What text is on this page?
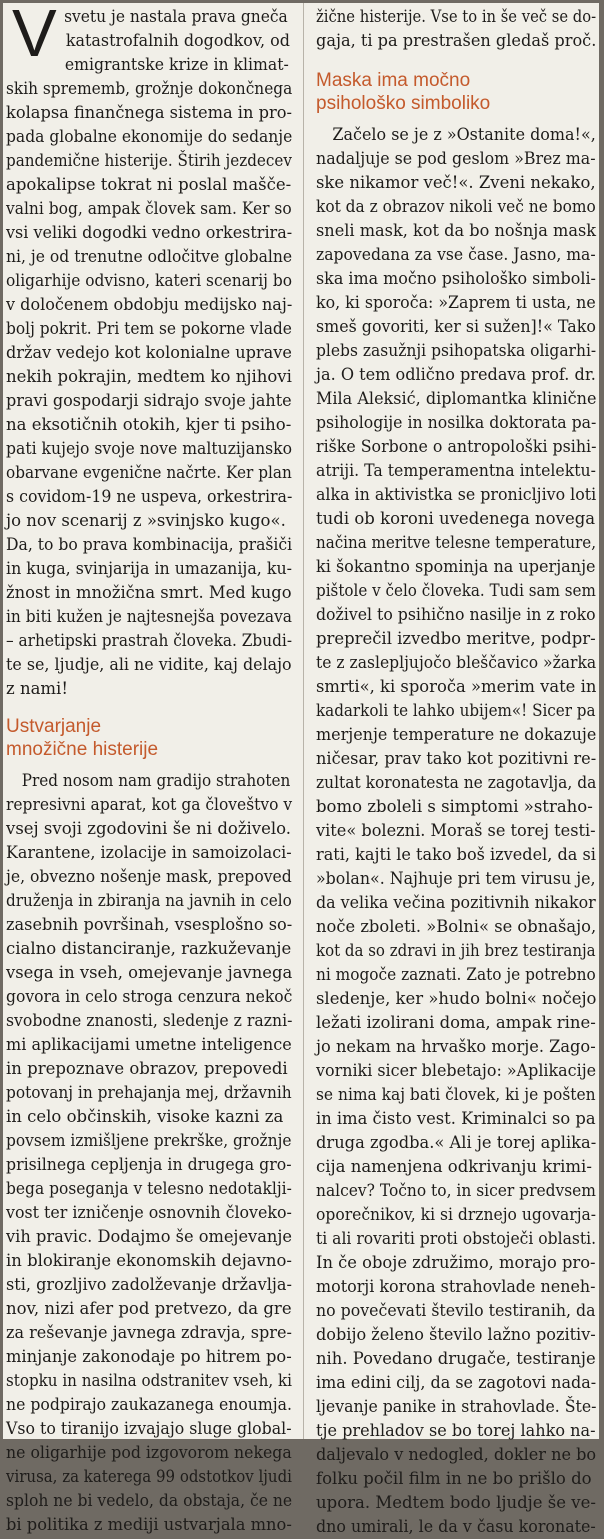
V svetu je nastala prava gneča

katastrofalnih dogodkov, od

emigrantske krize in klimat-

skih sprememb, grožnje dokončnega

kolapsa finančnega sistema in pro-

pada globalne ekonomije do sedanje

pandemične histerije. Štirih jezdecev

apokalipse tokrat ni poslal mašče-

valni bog, ampak človek sam. Ker so

vsi veliki dogodki vedno orkestrira-

ni, je od trenutne odločitve globalne

oligarhije odvisno, kateri scenarij bo

v določenem obdobju medijsko naj-

bolj pokrit. Pri tem se pokorne vlade

držav vedejo kot kolonialne uprave

nekih pokrajin, medtem ko njihovi

pravi gospodarji sidrajo svoje jahte

na eksotičnih otokih, kjer ti psiho-

pati kujejo svoje nove maltuzijansko

obarvane evgenične načrte. Ker plan

s covidom-19 ne uspeva, orkestrira-

jo nov scenarij z »svinjsko kugo«.

Da, to bo prava kombinacija, prašiči

in kuga, svinjarija in umazanija, ku-

žnost in množična smrt. Med kugo

in biti kužen je najtesnejša povezava

– arhetipski prastrah človeka. Zbudi-

te se, ljudje, ali ne vidite, kaj delajo

z nami!

Ustvarjanje
množične histerije

Pred nosom nam gradijo strahoten

represivni aparat, kot ga človeštvo v

vsej svoji zgodovini še ni doživelo.

Karantene, izolacije in samoizolaci-

je, obvezno nošenje mask, prepoved

druženja in zbiranja na javnih in celo

zasebnih površinah, vsesplošno so-

cialno distanciranje, razkuževanje

vsega in vseh, omejevanje javnega

govora in celo stroga cenzura nekoč

svobodne znanosti, sledenje z razni-

mi aplikacijami umetne inteligence

in prepoznave obrazov, prepovedi

potovanj in prehajanja mej, državnih

in celo občinskih, visoke kazni za

povsem izmišljene prekrške, grožnje

prisilnega cepljenja in drugega gro-

bega poseganja v telesno nedotaklji-

vost ter izničenje osnovnih človeko-

vih pravic. Dodajmo še omejevanje

in blokiranje ekonomskih dejavno-

sti, grozljivo zadolževanje državlja-

nov, nizi afer pod pretvezo, da gre

za reševanje javnega zdravja, spre-

minjanje zakonodaje po hitrem po-

stopku in nasilna odstranitev vseh, ki

ne podpirajo zaukazanega enoumja.

Vso to tiranijo izvajajo sluge global-

ne oligarhije pod izgovorom nekega

virusa, za katerega 99 odstotkov ljudi

sploh ne bi vedelo, da obstaja, če ne

bi politika z mediji ustvarjala mno-

žične histerije. Vse to in še več se do-

gaja, ti pa prestrašen gledaš proč.

Maska ima močno
psihološko simboliko

Začelo se je z »Ostanite doma!«,

nadaljuje se pod geslom »Brez ma-

ske nikamor več!«. Zveni nekako,

kot da z obrazov nikoli več ne bomo

sneli mask, kot da bo nošnja mask

zapovedana za vse čase. Jasno, ma-

ska ima močno psihološko simboli-

ko, ki sporoča: »Zaprem ti usta, ne

smeš govoriti, ker si sužen]!« Tako

plebs zasužnji psihopatska oligarhi-

ja. O tem odlično predava prof. dr.

Mila Aleksić, diplomantka klinične

psihologije in nosilka doktorata pa-

riške Sorbone o antropološki psihi-

atriji. Ta temperamentna intelektu-

alka in aktivistka se pronicljivo loti

tudi ob koroni uvedenega novega

načina meritve telesne temperature,

ki šokantno spominja na uperjanje

pištole v čelo človeka. Tudi sam sem

doživel to psihično nasilje in z roko

preprečil izvedbo meritve, podpr-

te z zaslepljujočo bleščavico »žarka

smrti«, ki sporoča »merim vate in

kadarkoli te lahko ubijem«! Sicer pa

merjenje temperature ne dokazuje

ničesar, prav tako kot pozitivni re-

zultat koronatesta ne zagotavlja, da

bomo zboleli s simptomi »straho-

vite« bolezni. Moraš se torej testi-

rati, kajti le tako boš izvedel, da si

»bolan«. Najhuje pri tem virusu je,

da velika večina pozitivnih nikakor

noče zboleti. »Bolni« se obnašajo,

kot da so zdravi in jih brez testiranja

ni mogoče zaznati. Zato je potrebno

sledenje, ker »hudo bolni« nočejo

ležati izolirani doma, ampak rine-

jo nekam na hrvaško morje. Zago-

vorniki sicer blebetajo: »Aplikacije

se nima kaj bati človek, ki je pošten

in ima čisto vest. Kriminalci so pa

druga zgodba.« Ali je torej aplika-

cija namenjena odkrivanju krimi-

nalcev? Točno to, in sicer predvsem

oporečnikov, ki si drznejo ugovarja-

ti ali rovariti proti obstoječi oblasti.

In če oboje združimo, morajo pro-

motorji korona strahovlade neneh-

no povečevati število testiranih, da

dobijo želeno število lažno pozitiv-

nih. Povedano drugače, testiranje

ima edini cilj, da se zagotovi nada-

ljevanje panike in strahovlade. Šte-

tje prehladov se bo torej lahko na-

daljevalo v nedogled, dokler ne bo

folku počil film in ne bo prišlo do

upora. Medtem bodo ljudje še ve-

dno umirali, le da v času koronate-
